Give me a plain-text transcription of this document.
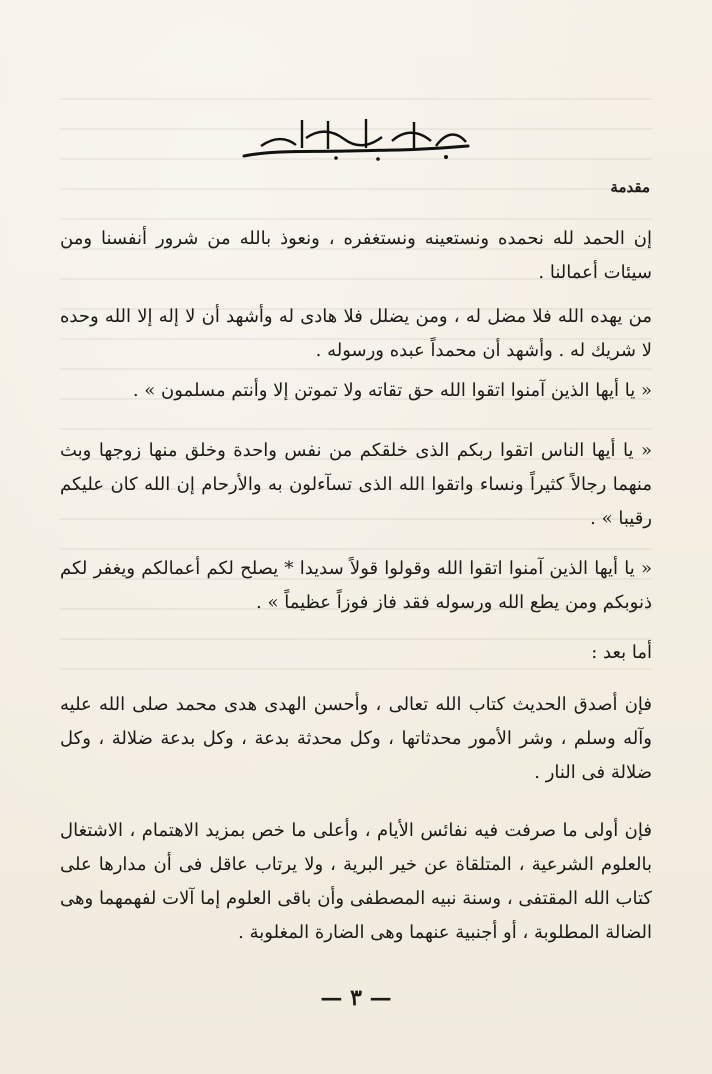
مقدمة
إن الحمد لله نحمده ونستعينه ونستغفره ، ونعوذ بالله من شرور أنفسنا ومن سيئات أعمالنا .
من يهده الله فلا مضل له ، ومن يضلل فلا هادى له وأشهد أن لا إله إلا الله وحده لا شريك له . وأشهد أن محمداً عبده ورسوله .
« يا أيها الذين آمنوا اتقوا الله حق تقاته ولا تموتن إلا وأنتم مسلمون » .
« يا أيها الناس اتقوا ربكم الذى خلقكم من نفس واحدة وخلق منها زوجها وبث منهما رجالاً كثيراً ونساء واتقوا الله الذى تسآءلون به والأرحام إن الله كان عليكم رقيبا » .
« يا أيها الذين آمنوا اتقوا الله وقولوا قولاً سديدا * يصلح لكم أعمالكم ويغفر لكم ذنوبكم ومن يطع الله ورسوله فقد فاز فوزاً عظيماً » .
أما بعد :
فإن أصدق الحديث كتاب الله تعالى ، وأحسن الهدى هدى محمد صلى الله عليه وآله وسلم ، وشر الأمور محدثاتها ، وكل محدثة بدعة ، وكل بدعة ضلالة ، وكل ضلالة فى النار .
فإن أولى ما صرفت فيه نفائس الأيام ، وأعلى ما خص بمزيد الاهتمام ، الاشتغال بالعلوم الشرعية ، المتلقاة عن خير البرية ، ولا يرتاب عاقل فى أن مدارها على كتاب الله المقتفى ، وسنة نبيه المصطفى وأن باقى العلوم إما آلات لفهمهما وهى الضالة المطلوبة ، أو أجنبية عنهما وهى الضارة المغلوبة .
— ٣ —
